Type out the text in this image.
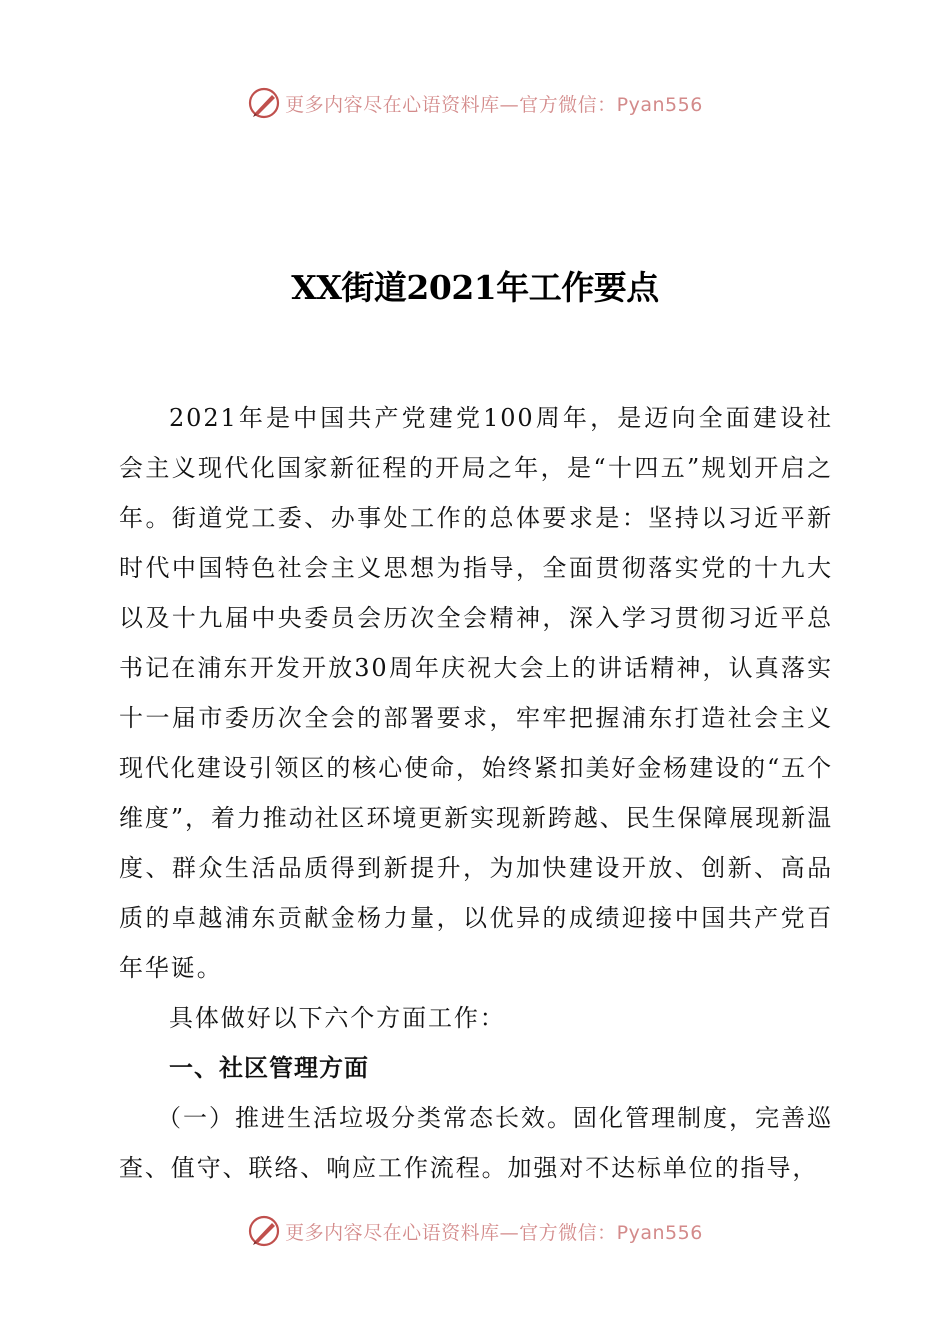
更多内容尽在心语资料库—官方微信：Pyan556
XX街道2021年工作要点

2021年是中国共产党建党100周年，是迈向全面建设社会主义现代化国家新征程的开局之年，是“十四五”规划开启之年。街道党工委、办事处工作的总体要求是：坚持以习近平新时代中国特色社会主义思想为指导，全面贯彻落实党的十九大以及十九届中央委员会历次全会精神，深入学习贯彻习近平总书记在浦东开发开放30周年庆祝大会上的讲话精神，认真落实十一届市委历次全会的部署要求，牢牢把握浦东打造社会主义现代化建设引领区的核心使命，始终紧扣美好金杨建设的“五个维度”，着力推动社区环境更新实现新跨越、民生保障展现新温度、群众生活品质得到新提升，为加快建设开放、创新、高品质的卓越浦东贡献金杨力量，以优异的成绩迎接中国共产党百年华诞。

具体做好以下六个方面工作：

一、社区管理方面

（一）推进生活垃圾分类常态长效。固化管理制度，完善巡查、值守、联络、响应工作流程。加强对不达标单位的指导，

更多内容尽在心语资料库—官方微信：Pyan556
